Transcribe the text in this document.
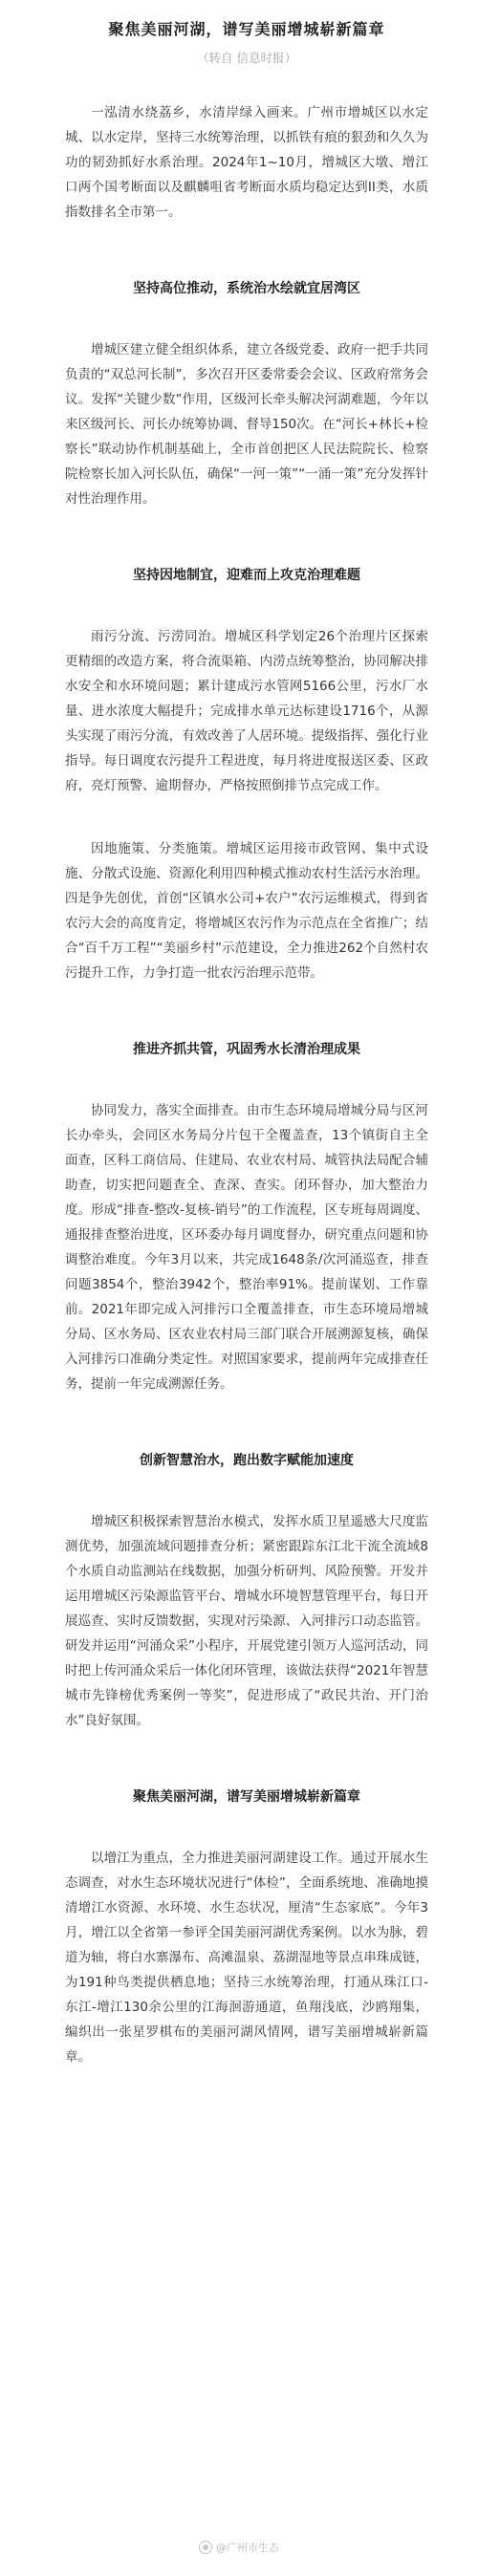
聚焦美丽河湖，谱写美丽增城崭新篇章
（转自 信息时报）

一泓清水绕荔乡，水清岸绿入画来。广州市增城区以水定城、以水定岸，坚持三水统筹治理，以抓铁有痕的狠劲和久久为功的韧劲抓好水系治理。2024年1~10月，增城区大墩、增江口两个国考断面以及麒麟咀省考断面水质均稳定达到II类，水质指数排名全市第一。

坚持高位推动，系统治水绘就宜居湾区

增城区建立健全组织体系，建立各级党委、政府一把手共同负责的“双总河长制”，多次召开区委常委会会议、区政府常务会议。发挥“关键少数”作用，区级河长牵头解决河湖难题，今年以来区级河长、河长办统筹协调、督导150次。在“河长+林长+检察长”联动协作机制基础上，全市首创把区人民法院院长、检察院检察长加入河长队伍，确保“一河一策”“一涌一策”充分发挥针对性治理作用。

坚持因地制宜，迎难而上攻克治理难题

雨污分流、污涝同治。增城区科学划定26个治理片区探索更精细的改造方案，将合流渠箱、内涝点统筹整治，协同解决排水安全和水环境问题；累计建成污水管网5166公里，污水厂水量、进水浓度大幅提升；完成排水单元达标建设1716个，从源头实现了雨污分流，有效改善了人居环境。提级指挥、强化行业指导。每日调度农污提升工程进度，每月将进度报送区委、区政府，亮灯预警、逾期督办，严格按照倒排节点完成工作。

因地施策、分类施策。增城区运用接市政管网、集中式设施、分散式设施、资源化利用四种模式推动农村生活污水治理。四是争先创优，首创“区镇水公司+农户”农污运维模式，得到省农污大会的高度肯定，将增城区农污作为示范点在全省推广；结合“百千万工程”“美丽乡村”示范建设，全力推进262个自然村农污提升工作，力争打造一批农污治理示范带。

推进齐抓共管，巩固秀水长清治理成果

协同发力，落实全面排查。由市生态环境局增城分局与区河长办牵头，会同区水务局分片包干全覆盖查，13个镇街自主全面查，区科工商信局、住建局、农业农村局、城管执法局配合辅助查，切实把问题查全、查深、查实。闭环督办，加大整治力度。形成“排查-整改-复核-销号”的工作流程，区专班每周调度、通报排查整治进度，区环委办每月调度督办，研究重点问题和协调整治难度。今年3月以来，共完成1648条/次河涌巡查，排查问题3854个，整治3942个，整治率91%。提前谋划、工作靠前。2021年即完成入河排污口全覆盖排查，市生态环境局增城分局、区水务局、区农业农村局三部门联合开展溯源复核，确保入河排污口准确分类定性。对照国家要求，提前两年完成排查任务，提前一年完成溯源任务。

创新智慧治水，跑出数字赋能加速度

增城区积极探索智慧治水模式，发挥水质卫星遥感大尺度监测优势，加强流域问题排查分析；紧密跟踪东江北干流全流域8个水质自动监测站在线数据，加强分析研判、风险预警。开发并运用增城区污染源监管平台、增城水环境智慧管理平台，每日开展巡查、实时反馈数据，实现对污染源、入河排污口动态监管。研发并运用“河涌众采”小程序，开展党建引领万人巡河活动，同时把上传河涌众采后一体化闭环管理，该做法获得“2021年智慧城市先锋榜优秀案例一等奖”，促进形成了“政民共治、开门治水”良好氛围。

聚焦美丽河湖，谱写美丽增城崭新篇章

以增江为重点，全力推进美丽河湖建设工作。通过开展水生态调查，对水生态环境状况进行“体检”，全面系统地、准确地摸清增江水资源、水环境、水生态状况，厘清“生态家底”。今年3月，增江以全省第一参评全国美丽河湖优秀案例。以水为脉，碧道为轴，将白水寨瀑布、高滩温泉、荔湖湿地等景点串珠成链，为191种鸟类提供栖息地；坚持三水统筹治理，打通从珠江口-东江-增江130余公里的江海洄游通道，鱼翔浅底，沙鸥翔集，编织出一张星罗棋布的美丽河湖风情网，谱写美丽增城崭新篇章。

@广州市生态
